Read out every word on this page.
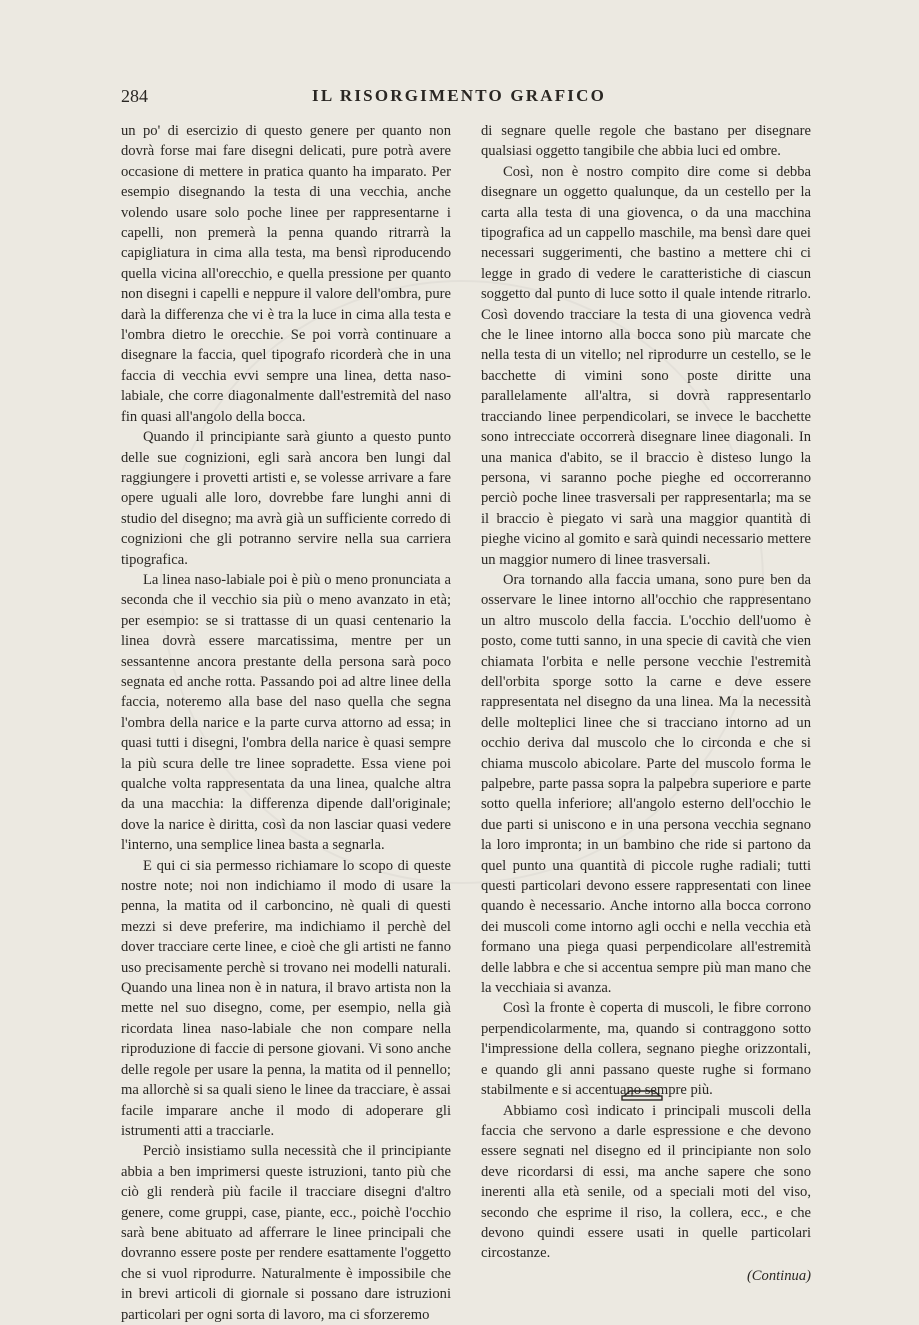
284	IL RISORGIMENTO GRAFICO

un po' di esercizio di questo genere per quanto non dovrà forse mai fare disegni delicati, pure potrà avere occasione di mettere in pratica quanto ha imparato. Per esempio disegnando la testa di una vecchia, anche volendo usare solo poche linee per rappresentarne i capelli, non premerà la penna quando ritrarrà la capigliatura in cima alla testa, ma bensì riproducendo quella vicina all'orecchio, e quella pressione per quanto non disegni i capelli e neppure il valore dell'ombra, pure darà la differenza che vi è tra la luce in cima alla testa e l'ombra dietro le orecchie. Se poi vorrà continuare a disegnare la faccia, quel tipografo ricorderà che in una faccia di vecchia evvi sempre una linea, detta naso-labiale, che corre diagonalmente dall'estremità del naso fin quasi all'angolo della bocca.

Quando il principiante sarà giunto a questo punto delle sue cognizioni, egli sarà ancora ben lungi dal raggiungere i provetti artisti e, se volesse arrivare a fare opere uguali alle loro, dovrebbe fare lunghi anni di studio del disegno; ma avrà già un sufficiente corredo di cognizioni che gli potranno servire nella sua carriera tipografica.

La linea naso-labiale poi è più o meno pronunciata a seconda che il vecchio sia più o meno avanzato in età; per esempio: se si trattasse di un quasi centenario la linea dovrà essere marcatissima, mentre per un sessantenne ancora prestante della persona sarà poco segnata ed anche rotta. Passando poi ad altre linee della faccia, noteremo alla base del naso quella che segna l'ombra della narice e la parte curva attorno ad essa; in quasi tutti i disegni, l'ombra della narice è quasi sempre la più scura delle tre linee sopradette. Essa viene poi qualche volta rappresentata da una linea, qualche altra da una macchia: la differenza dipende dall'originale; dove la narice è diritta, così da non lasciar quasi vedere l'interno, una semplice linea basta a segnarla.

E qui ci sia permesso richiamare lo scopo di queste nostre note; noi non indichiamo il modo di usare la penna, la matita od il carboncino, nè quali di questi mezzi si deve preferire, ma indichiamo il perchè del dover tracciare certe linee, e cioè che gli artisti ne fanno uso precisamente perchè si trovano nei modelli naturali. Quando una linea non è in natura, il bravo artista non la mette nel suo disegno, come, per esempio, nella già ricordata linea naso-labiale che non compare nella riproduzione di faccie di persone giovani. Vi sono anche delle regole per usare la penna, la matita od il pennello; ma allorchè si sa quali sieno le linee da tracciare, è assai facile imparare anche il modo di adoperare gli istrumenti atti a tracciarle.

Perciò insistiamo sulla necessità che il principiante abbia a ben imprimersi queste istruzioni, tanto più che ciò gli renderà più facile il tracciare disegni d'altro genere, come gruppi, case, piante, ecc., poichè l'occhio sarà bene abituato ad afferrare le linee principali che dovranno essere poste per rendere esattamente l'oggetto che si vuol riprodurre. Naturalmente è impossibile che in brevi articoli di giornale si possano dare istruzioni particolari per ogni sorta di lavoro, ma ci sforzeremo

di segnare quelle regole che bastano per disegnare qualsiasi oggetto tangibile che abbia luci ed ombre.

Così, non è nostro compito dire come si debba disegnare un oggetto qualunque, da un cestello per la carta alla testa di una giovenca, o da una macchina tipografica ad un cappello maschile, ma bensì dare quei necessari suggerimenti, che bastino a mettere chi ci legge in grado di vedere le caratteristiche di ciascun soggetto dal punto di luce sotto il quale intende ritrarlo. Così dovendo tracciare la testa di una giovenca vedrà che le linee intorno alla bocca sono più marcate che nella testa di un vitello; nel riprodurre un cestello, se le bacchette di vimini sono poste diritte una parallelamente all'altra, si dovrà rappresentarlo tracciando linee perpendicolari, se invece le bacchette sono intrecciate occorrerà disegnare linee diagonali. In una manica d'abito, se il braccio è disteso lungo la persona, vi saranno poche pieghe ed occorreranno perciò poche linee trasversali per rappresentarla; ma se il braccio è piegato vi sarà una maggior quantità di pieghe vicino al gomito e sarà quindi necessario mettere un maggior numero di linee trasversali.

Ora tornando alla faccia umana, sono pure ben da osservare le linee intorno all'occhio che rappresentano un altro muscolo della faccia. L'occhio dell'uomo è posto, come tutti sanno, in una specie di cavità che vien chiamata l'orbita e nelle persone vecchie l'estremità dell'orbita sporge sotto la carne e deve essere rappresentata nel disegno da una linea. Ma la necessità delle molteplici linee che si tracciano intorno ad un occhio deriva dal muscolo che lo circonda e che si chiama muscolo abicolare. Parte del muscolo forma le palpebre, parte passa sopra la palpebra superiore e parte sotto quella inferiore; all'angolo esterno dell'occhio le due parti si uniscono e in una persona vecchia segnano la loro impronta; in un bambino che ride si partono da quel punto una quantità di piccole rughe radiali; tutti questi particolari devono essere rappresentati con linee quando è necessario. Anche intorno alla bocca corrono dei muscoli come intorno agli occhi e nella vecchia età formano una piega quasi perpendicolare all'estremità delle labbra e che si accentua sempre più man mano che la vecchiaia si avanza.

Così la fronte è coperta di muscoli, le fibre corrono perpendicolarmente, ma, quando si contraggono sotto l'impressione della collera, segnano pieghe orizzontali, e quando gli anni passano queste rughe si formano stabilmente e si accentuano sempre più.

Abbiamo così indicato i principali muscoli della faccia che servono a darle espressione e che devono essere segnati nel disegno ed il principiante non solo deve ricordarsi di essi, ma anche sapere che sono inerenti alla età senile, od a speciali moti del viso, secondo che esprime il riso, la collera, ecc., e che devono quindi essere usati in quelle particolari circostanze.

(Continua)
